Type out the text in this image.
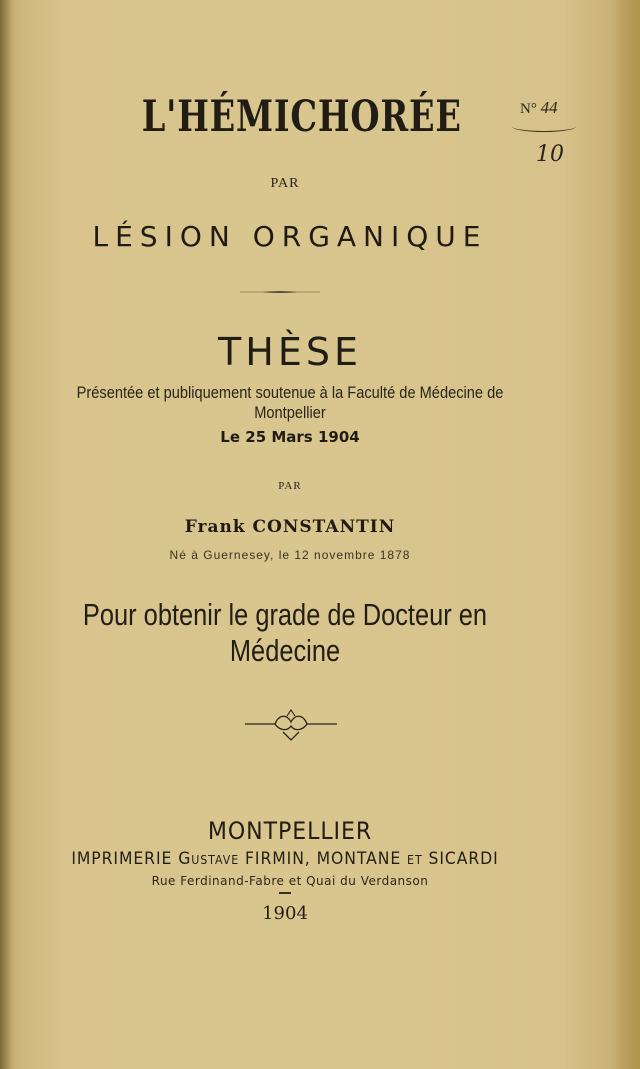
L'HÉMICHORÉE	N° 44
10
PAR
LÉSION ORGANIQUE
THÈSE
Présentée et publiquement soutenue à la Faculté de Médecine de Montpellier
Le 25 Mars 1904
PAR
Frank CONSTANTIN
Né à Guernesey, le 12 novembre 1878
Pour obtenir le grade de Docteur en Médecine
MONTPELLIER
IMPRIMERIE Gustave FIRMIN, MONTANE et SICARDI
Rue Ferdinand-Fabre et Quai du Verdanson
1904
